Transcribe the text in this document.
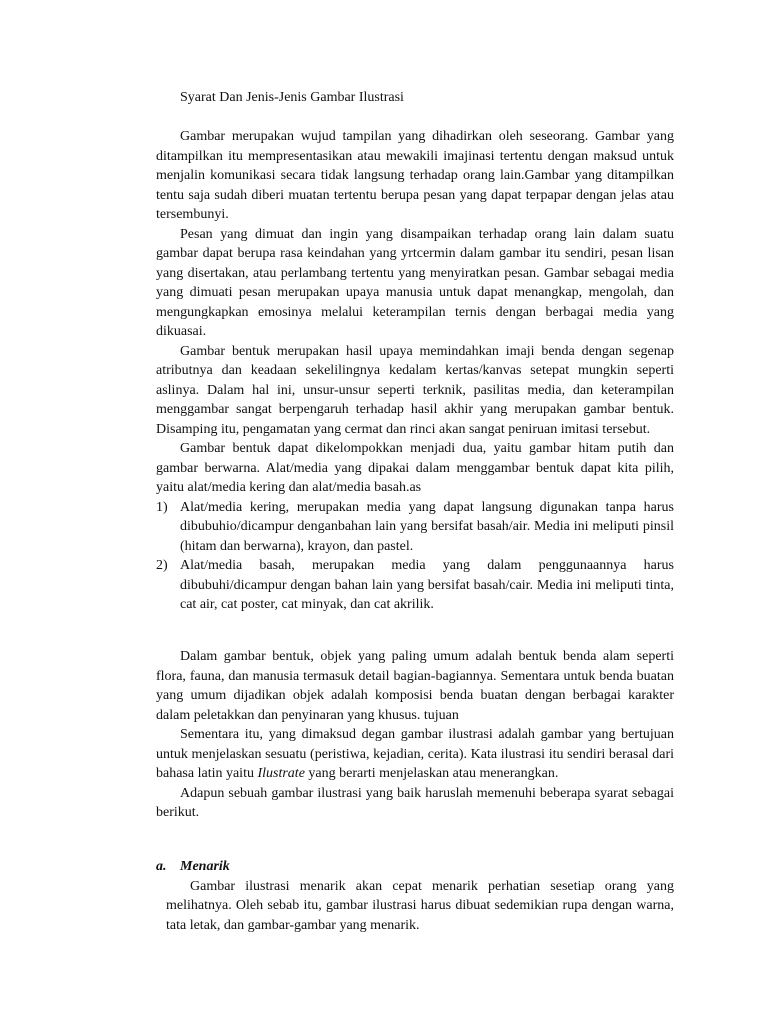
Syarat Dan Jenis-Jenis Gambar Ilustrasi

Gambar merupakan wujud tampilan yang dihadirkan oleh seseorang. Gambar yang ditampilkan itu mempresentasikan atau mewakili imajinasi tertentu dengan maksud untuk menjalin komunikasi secara tidak langsung terhadap orang lain.Gambar yang ditampilkan tentu saja sudah diberi muatan tertentu berupa pesan yang dapat terpapar dengan jelas atau tersembunyi.

Pesan yang dimuat dan ingin yang disampaikan terhadap orang lain dalam suatu gambar dapat berupa rasa keindahan yang yrtcermin dalam gambar itu sendiri, pesan lisan yang disertakan, atau perlambang tertentu yang menyiratkan pesan. Gambar sebagai media yang dimuati pesan merupakan upaya manusia untuk dapat menangkap, mengolah, dan mengungkapkan emosinya melalui keterampilan ternis dengan berbagai media yang dikuasai.

Gambar bentuk merupakan hasil upaya memindahkan imaji benda dengan segenap atributnya dan keadaan sekelilingnya kedalam kertas/kanvas setepat mungkin seperti aslinya. Dalam hal ini, unsur-unsur seperti terknik, pasilitas media, dan keterampilan menggambar sangat berpengaruh terhadap hasil akhir yang merupakan gambar bentuk. Disamping itu, pengamatan yang cermat dan rinci akan sangat peniruan imitasi tersebut.

Gambar bentuk dapat dikelompokkan menjadi dua, yaitu gambar hitam putih dan gambar berwarna. Alat/media yang dipakai dalam menggambar bentuk dapat kita pilih, yaitu alat/media kering dan alat/media basah.as

1) Alat/media kering, merupakan media yang dapat langsung digunakan tanpa harus dibubuhio/dicampur denganbahan lain yang bersifat basah/air. Media ini meliputi pinsil (hitam dan berwarna), krayon, dan pastel.
2) Alat/media basah, merupakan media yang dalam penggunaannya harus dibubuhi/dicampur dengan bahan lain yang bersifat basah/cair. Media ini meliputi tinta, cat air, cat poster, cat minyak, dan cat akrilik.

Dalam gambar bentuk, objek yang paling umum adalah bentuk benda alam seperti flora, fauna, dan manusia termasuk detail bagian-bagiannya. Sementara untuk benda buatan yang umum dijadikan objek adalah komposisi benda buatan dengan berbagai karakter dalam peletakkan dan penyinaran yang khusus. tujuan

Sementara itu, yang dimaksud degan gambar ilustrasi adalah gambar yang bertujuan untuk menjelaskan sesuatu (peristiwa, kejadian, cerita). Kata ilustrasi itu sendiri berasal dari bahasa latin yaitu Ilustrate yang berarti menjelaskan atau menerangkan.

Adapun sebuah gambar ilustrasi yang baik haruslah memenuhi beberapa syarat sebagai berikut.

a. Menarik

Gambar ilustrasi menarik akan cepat menarik perhatian sesetiap orang yang melihatnya. Oleh sebab itu, gambar ilustrasi harus dibuat sedemikian rupa dengan warna, tata letak, dan gambar-gambar yang menarik.
